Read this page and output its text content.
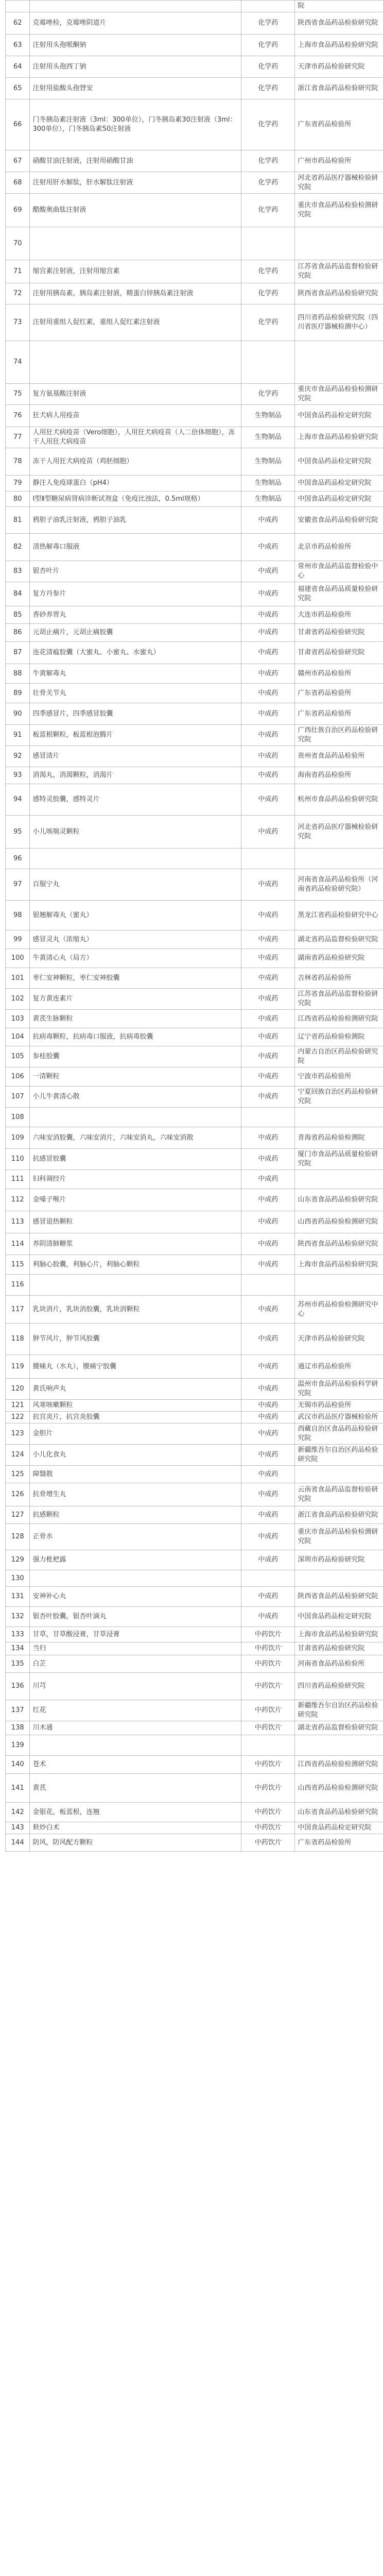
			院
62	克霉唑栓，克霉唑阴道片	化学药	陕西省食品药品检验研究院
63	注射用头孢哌酮钠	化学药	上海市食品药品检验研究院
64	注射用头孢西丁钠	化学药	天津市药品检验研究院
65	注射用盐酸头孢替安	化学药	浙江省食品药品检验研究院
66	门冬胰岛素注射液（3ml：300单位），门冬胰岛素30注射液（3ml：300单位），门冬胰岛素50注射液	化学药	广东省药品检验所
67	硝酸甘油注射液，注射用硝酸甘油	化学药	广州市药品检验所
68	注射用肝水解肽，肝水解肽注射液	化学药	河北省药品医疗器械检验研究院
69	醋酸奥曲肽注射液	化学药	重庆市食品药品检验检测研究院
70			
71	缩宫素注射液，注射用缩宫素	化学药	江苏省食品药品监督检验研究院
72	注射用胰岛素，胰岛素注射液，精蛋白锌胰岛素注射液	化学药	陕西省食品药品检验研究院
73	注射用重组人促红素，重组人促红素注射液	化学药	四川省药品检验研究院（四川省医疗器械检测中心）
74			
75	复方氨基酸注射液	化学药	重庆市食品药品检验检测研究院
76	狂犬病人用疫苗	生物制品	中国食品药品检定研究院
77	人用狂犬病疫苗（Vero细胞），人用狂犬病疫苗（人二倍体细胞），冻干人用狂犬病疫苗	生物制品	上海市食品药品检验研究院
78	冻干人用狂犬病疫苗（鸡胚细胞）	生物制品	中国食品药品检定研究院
79	静注人免疫球蛋白（pH4）	生物制品	中国食品药品检定研究院
80	Ⅰ型Ⅱ型糖尿病肾病诊断试剂盒（免疫比浊法，0.5ml规格）	生物制品	中国食品药品检定研究院
81	鸦胆子油乳注射液，鸦胆子油乳	中成药	安徽省食品药品检验研究院
82	清热解毒口服液	中成药	北京市药品检验所
83	银杏叶片	中成药	常州市食品药品监督检验中心
84	复方丹参片	中成药	福建省食品药品质量检验研究院
85	香砂养胃丸	中成药	大连市药品检验所
86	元胡止痛片，元胡止痛胶囊	中成药	甘肃省药品检验研究院
87	连花清瘟胶囊（大蜜丸、小蜜丸、水蜜丸）	中成药	甘肃省药品检验研究院
88	牛黄解毒丸	中成药	赣州市药品检验所
89	壮骨关节丸	中成药	广东省药品检验所
90	四季感冒片，四季感冒胶囊	中成药	广东省药品检验所
91	板蓝根颗粒，板蓝根泡腾片	中成药	广西壮族自治区药品检验研究院
92	感冒清片	中成药	贵州省食品药品检验所
93	消渴丸，消渴颗粒，消渴片	中成药	海南省药品检验所
94	感特灵胶囊，感特灵片	中成药	杭州市食品药品检验研究院
95	小儿咳喘灵颗粒	中成药	河北省药品医疗器械检验研究院
96			
97	百服宁丸	中成药	河南省食品药品检验所（河南省药品检验研究院）
98	银翘解毒丸（蜜丸）	中成药	黑龙江省药品检验研究中心
99	感冒灵丸（浓缩丸）	中成药	湖北省药品监督检验研究院
100	牛黄清心丸（局方）	中成药	湖南省药品检验研究院
101	枣仁安神颗粒，枣仁安神胶囊	中成药	吉林省药品检验所
102	复方黄连素片	中成药	江苏省食品药品监督检验研究院
103	黄芪生脉颗粒	中成药	江西省药品检验检测研究院
104	抗病毒颗粒，抗病毒口服液，抗病毒胶囊	中成药	辽宁省药品检验检测院
105	参桂胶囊	中成药	内蒙古自治区药品检验研究院
106	一清颗粒	中成药	宁波市药品检验所
107	小儿牛黄清心散	中成药	宁夏回族自治区药品检验研究院
108			
109	六味安消胶囊，六味安消片，六味安消丸，六味安消散	中成药	青海省药品检验检测院
110	抗感冒胶囊	中成药	厦门市食品药品质量检验研究院
111	妇科调经片	中成药	
112	金嗓子喉片	中成药	山东省食品药品检验研究院
113	感冒退热颗粒	中成药	山西省药品检验检测研究院
114	养阴清肺糖浆	中成药	陕西省食品药品检验研究院
115	利脑心胶囊，利脑心片，利脑心颗粒	中成药	上海市食品药品检验研究院
116			
117	乳块消片，乳块消胶囊，乳块消颗粒	中成药	苏州市药品检验检测研究中心
118	肿节风片，肿节风胶囊	中成药	天津市药品检验研究院
119	腰痛丸（水丸），腰痛宁胶囊	中成药	通辽市药品检验所
120	黄氏响声丸	中成药	温州市食品药品检验科学研究院
121	风寒咳嗽颗粒	中成药	无锡市药品检验所
122	抗宫炎片，抗宫炎胶囊	中成药	武汉市药品医疗器械检验所
123	金胆片	中成药	西藏自治区食品药品检验研究院
124	小儿化食丸	中成药	新疆维吾尔自治区药品检验研究院
125	障翳散	中成药	
126	抗骨增生丸	中成药	云南省食品药品监督检验研究院
127	抗感颗粒	中成药	浙江省食品药品检验研究院
128	正骨水	中成药	重庆市食品药品检验检测研究院
129	强力枇杷露	中成药	深圳市药品检验研究院
130			
131	安神补心丸	中成药	陕西省食品药品检验研究院
132	银杏叶胶囊，银杏叶滴丸	中成药	中国食品药品检定研究院
133	甘草，甘草酸浸膏，甘草浸膏	中药饮片	上海市食品药品检验研究院
134	当归	中药饮片	甘肃省药品检验研究院
135	白芷	中药饮片	河南省食品药品检验所
136	川芎	中药饮片	四川省药品检验研究院
137	红花	中药饮片	新疆维吾尔自治区药品检验研究院
138	川木通	中药饮片	湖北省药品监督检验研究院
139			
140	苍术	中药饮片	江西省药品检验检测研究院
141	黄芪	中药饮片	山西省药品检验检测研究院
142	金银花，板蓝根，连翘	中药饮片	山东省食品药品检验研究院
143	麸炒白术	中药饮片	中国食品药品检定研究院
144	防风，防风配方颗粒	中药饮片	广东省药品检验所
